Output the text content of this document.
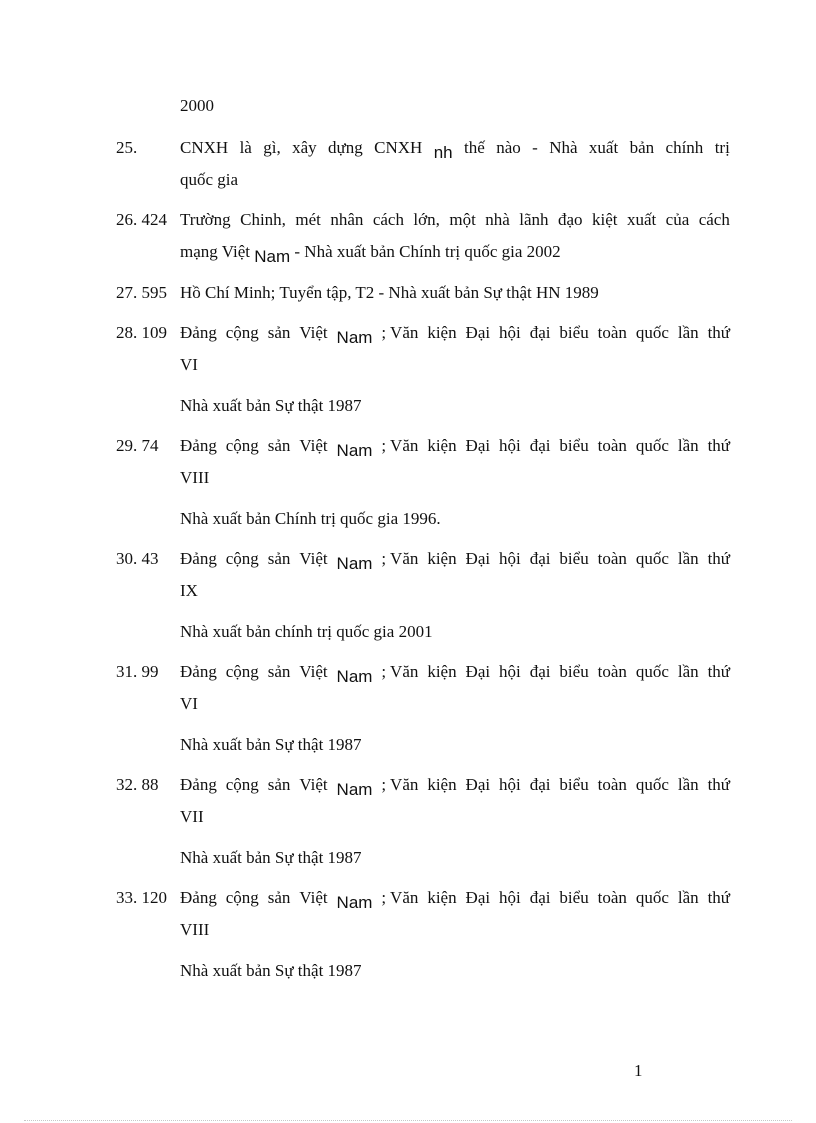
2000
25.	CNXH là gì, xây dựng CNXH nh thế nào - Nhà xuất bản chính trị
quốc gia
26. 424 Trường Chinh, mét nhân cách lớn, một nhà lãnh đạo kiệt xuất của cách
mạng Việt Nam - Nhà xuất bản Chính trị quốc gia 2002
27. 595 Hồ Chí Minh; Tuyển tập, T2 - Nhà xuất bản Sự thật HN 1989
28. 109 Đảng cộng sản Việt Nam ; Văn kiện Đại hội đại biểu toàn quốc lần thứ
VI
Nhà xuất bản Sự thật 1987
29. 74 Đảng cộng sản Việt Nam ; Văn kiện Đại hội đại biểu toàn quốc lần thứ
VIII
Nhà xuất bản Chính trị quốc gia 1996.
30. 43 Đảng cộng sản Việt Nam ; Văn kiện Đại hội đại biểu toàn quốc lần thứ
IX
Nhà xuất bản chính trị quốc gia 2001
31. 99 Đảng cộng sản Việt Nam ; Văn kiện Đại hội đại biểu toàn quốc lần thứ
VI
Nhà xuất bản Sự thật 1987
32. 88 Đảng cộng sản Việt Nam ; Văn kiện Đại hội đại biểu toàn quốc lần thứ
VII
Nhà xuất bản Sự thật 1987
33. 120 Đảng cộng sản Việt Nam ; Văn kiện Đại hội đại biểu toàn quốc lần thứ
VIII
Nhà xuất bản Sự thật 1987
1
